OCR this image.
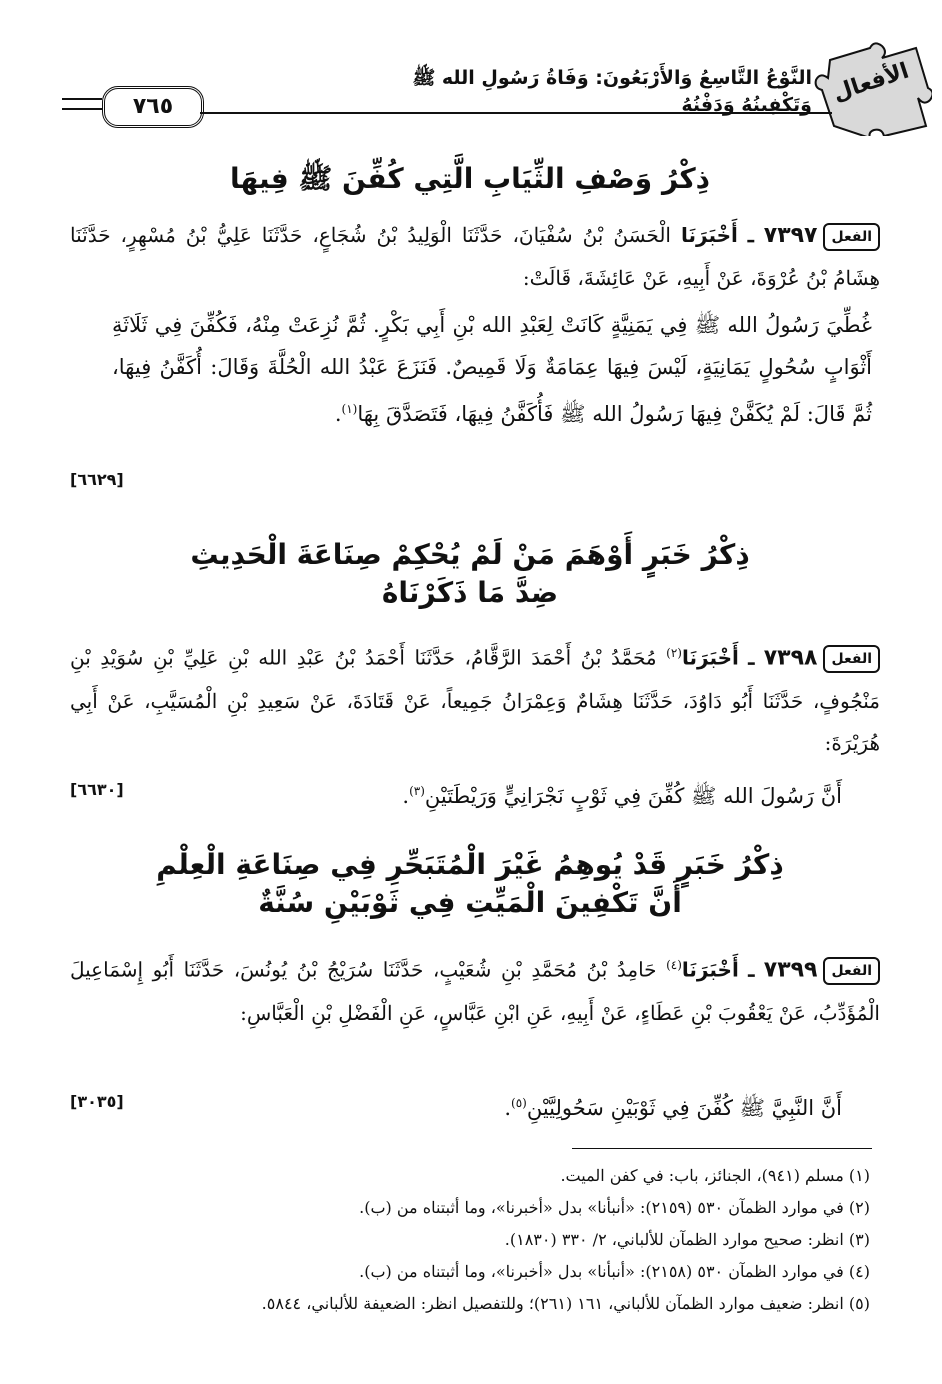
الأفعال
النَّوْعُ التَّاسِعُ وَالأَرْبَعُونَ: وَفَاةُ رَسُولِ الله ﷺ وَتَكْفِينُهُ وَدَفْنُهُ
٧٦٥
ذِكْرُ وَصْفِ الثِّيَابِ الَّتِي كُفِّنَ ﷺ فِيهَا
الفعل٧٣٩٧ ـ أَخْبَرَنَا الْحَسَنُ بْنُ سُفْيَانَ، حَدَّثَنَا الْوَلِيدُ بْنُ شُجَاعٍ، حَدَّثَنَا عَلِيُّ بْنُ مُسْهِرٍ، حَدَّثَنَا هِشَامُ بْنُ عُرْوَةَ، عَنْ أَبِيهِ، عَنْ عَائِشَةَ، قَالَتْ:
غُطِّيَ رَسُولُ الله ﷺ فِي يَمَنِيَّةٍ كَانَتْ لِعَبْدِ الله بْنِ أَبِي بَكْرٍ. ثُمَّ نُزِعَتْ مِنْهُ، فَكُفِّنَ فِي ثَلَاثَةِ أَثْوَابٍ سُحُولٍ يَمَانِيَةٍ، لَيْسَ فِيهَا عِمَامَةٌ وَلَا قَمِيصٌ. فَنَزَعَ عَبْدُ الله الْحُلَّةَ وَقَالَ: أُكَفَّنُ فِيهَا، ثُمَّ قَالَ: لَمْ يُكَفَّنْ فِيهَا رَسُولُ الله ﷺ فَأُكَفَّنُ فِيهَا، فَتَصَدَّقَ بِهَا$^{(١)}$.
[٦٦٢٩]
ذِكْرُ خَبَرٍ أَوْهَمَ مَنْ لَمْ يُحْكِمْ صِنَاعَةَ الْحَدِيثِ
ضِدَّ مَا ذَكَرْنَاهُ
الفعل٧٣٩٨ ـ أَخْبَرَنَا$^{(٢)}$ مُحَمَّدُ بْنُ أَحْمَدَ الرَّقَّامُ، حَدَّثَنَا أَحْمَدُ بْنُ عَبْدِ الله بْنِ عَلِيِّ بْنِ سُوَيْدِ بْنِ مَنْجُوفٍ، حَدَّثَنَا أَبُو دَاوُدَ، حَدَّثَنَا هِشَامٌ وَعِمْرَانُ جَمِيعاً، عَنْ قَتَادَةَ، عَنْ سَعِيدِ بْنِ الْمُسَيَّبِ، عَنْ أَبِي هُرَيْرَةَ:
أَنَّ رَسُولَ الله ﷺ كُفِّنَ فِي ثَوْبٍ نَجْرَانِيٍّ وَرَيْطَتَيْنِ$^{(٣)}$.
[٦٦٣٠]
ذِكْرُ خَبَرٍ قَدْ يُوهِمُ غَيْرَ الْمُتَبَحِّرِ فِي صِنَاعَةِ الْعِلْمِ
أَنَّ تَكْفِينَ الْمَيِّتِ فِي ثَوْبَيْنِ سُنَّةٌ
الفعل٧٣٩٩ ـ أَخْبَرَنَا$^{(٤)}$ حَامِدُ بْنُ مُحَمَّدِ بْنِ شُعَيْبٍ، حَدَّثَنَا سُرَيْجُ بْنُ يُونُسَ، حَدَّثَنَا أَبُو إِسْمَاعِيلَ الْمُؤَدِّبُ، عَنْ يَعْقُوبَ بْنِ عَطَاءٍ، عَنْ أَبِيهِ، عَنِ ابْنِ عَبَّاسٍ، عَنِ الْفَضْلِ بْنِ الْعَبَّاسِ:
أَنَّ النَّبِيَّ ﷺ كُفِّنَ فِي ثَوْبَيْنِ سَحُولِيَّيْنِ$^{(٥)}$.
[٣٠٣٥]
(١) مسلم (٩٤١)، الجنائز، باب: في كفن الميت.
(٢) في موارد الظمآن ٥٣٠ (٢١٥٩): «أنبأنا» بدل «أخبرنا»، وما أثبتناه من (ب).
(٣) انظر: صحيح موارد الظمآن للألباني، ٢/ ٣٣٠ (١٨٣٠).
(٤) في موارد الظمآن ٥٣٠ (٢١٥٨): «أنبأنا» بدل «أخبرنا»، وما أثبتناه من (ب).
(٥) انظر: ضعيف موارد الظمآن للألباني، ١٦١ (٢٦١)؛ وللتفصيل انظر: الضعيفة للألباني، ٥٨٤٤.
